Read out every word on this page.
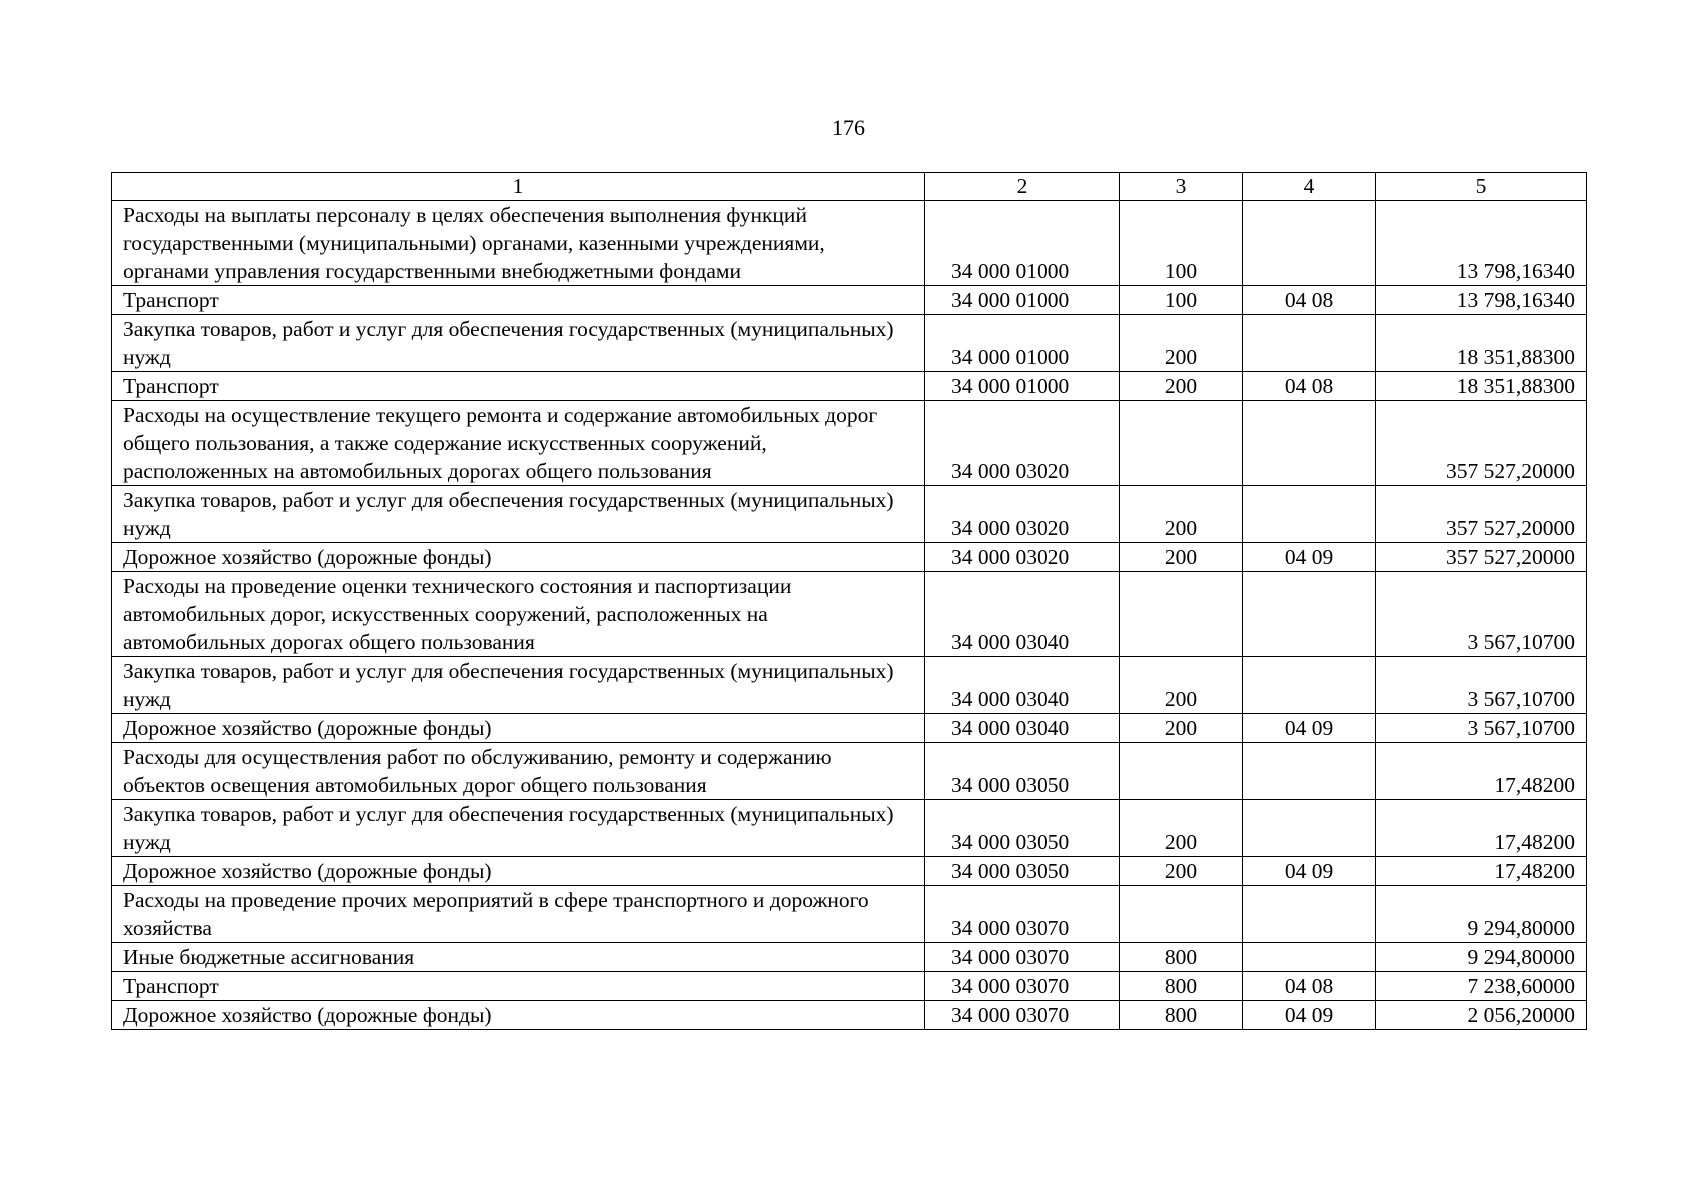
176
1	2	3	4	5
Расходы на выплаты персоналу в целях обеспечения выполнения функций государственными (муниципальными) органами, казенными учреждениями, органами управления государственными внебюджетными фондами	34 000 01000	100		13 798,16340
Транспорт	34 000 01000	100	04 08	13 798,16340
Закупка товаров, работ и услуг для обеспечения государственных (муниципальных) нужд	34 000 01000	200		18 351,88300
Транспорт	34 000 01000	200	04 08	18 351,88300
Расходы на осуществление текущего ремонта и содержание автомобильных дорог общего пользования, а также содержание искусственных сооружений, расположенных на автомобильных дорогах общего пользования	34 000 03020			357 527,20000
Закупка товаров, работ и услуг для обеспечения государственных (муниципальных) нужд	34 000 03020	200		357 527,20000
Дорожное хозяйство (дорожные фонды)	34 000 03020	200	04 09	357 527,20000
Расходы на проведение оценки технического состояния и паспортизации автомобильных дорог, искусственных сооружений, расположенных на автомобильных дорогах общего пользования	34 000 03040			3 567,10700
Закупка товаров, работ и услуг для обеспечения государственных (муниципальных) нужд	34 000 03040	200		3 567,10700
Дорожное хозяйство (дорожные фонды)	34 000 03040	200	04 09	3 567,10700
Расходы для осуществления работ по обслуживанию, ремонту и содержанию объектов освещения автомобильных дорог общего пользования	34 000 03050			17,48200
Закупка товаров, работ и услуг для обеспечения государственных (муниципальных) нужд	34 000 03050	200		17,48200
Дорожное хозяйство (дорожные фонды)	34 000 03050	200	04 09	17,48200
Расходы на проведение прочих мероприятий в сфере транспортного и дорожного хозяйства	34 000 03070			9 294,80000
Иные бюджетные ассигнования	34 000 03070	800		9 294,80000
Транспорт	34 000 03070	800	04 08	7 238,60000
Дорожное хозяйство (дорожные фонды)	34 000 03070	800	04 09	2 056,20000
